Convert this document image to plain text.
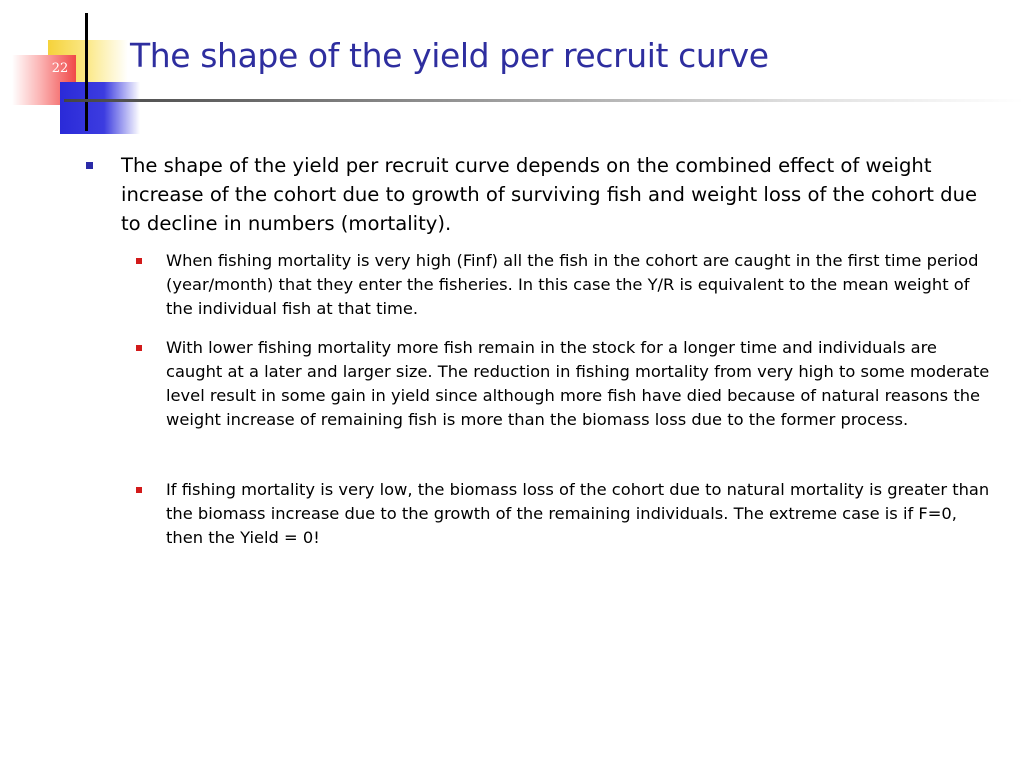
22	The shape of the yield per recruit curve
The shape of the yield per recruit curve depends on the combined effect of weight increase of the cohort due to growth of surviving fish and weight loss of the cohort due to decline in numbers (mortality).
When fishing mortality is very high (Finf) all the fish in the cohort are caught in the first time period (year/month) that they enter the fisheries. In this case the Y/R is equivalent to the mean weight of the individual fish at that time.
With lower fishing mortality more fish remain in the stock for a longer time and individuals are caught at a later and larger size. The reduction in fishing mortality from very high to some moderate level result in some gain in yield since although more fish have died because of natural reasons the weight increase of remaining fish is more than the biomass loss due to the former process.
If fishing mortality is very low, the biomass loss of the cohort due to natural mortality is greater than the biomass increase due to the growth of the remaining individuals. The extreme case is if F=0, then the Yield = 0!
